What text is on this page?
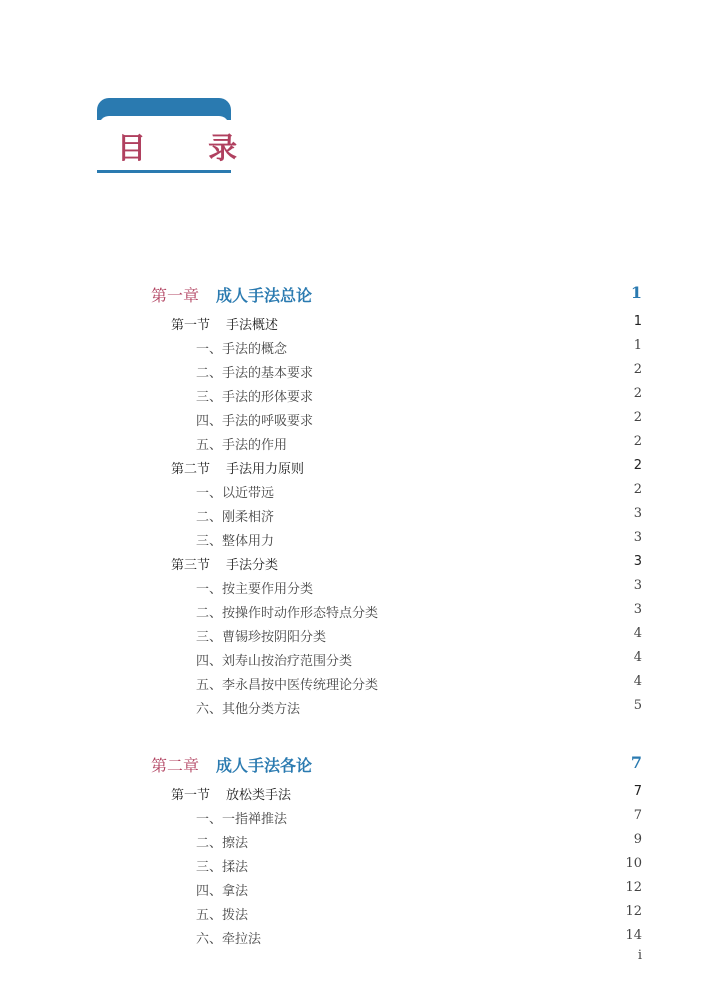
目 录
第一章 成人手法总论	1
第一节 手法概述	1
一、手法的概念	1
二、手法的基本要求	2
三、手法的形体要求	2
四、手法的呼吸要求	2
五、手法的作用	2
第二节 手法用力原则	2
一、以近带远	2
二、刚柔相济	3
三、整体用力	3
第三节 手法分类	3
一、按主要作用分类	3
二、按操作时动作形态特点分类	3
三、曹锡珍按阴阳分类	4
四、刘寿山按治疗范围分类	4
五、李永昌按中医传统理论分类	4
六、其他分类方法	5
第二章 成人手法各论	7
第一节 放松类手法	7
一、一指禅推法	7
二、擦法	9
三、揉法	10
四、拿法	12
五、拨法	12
六、牵拉法	14
i
